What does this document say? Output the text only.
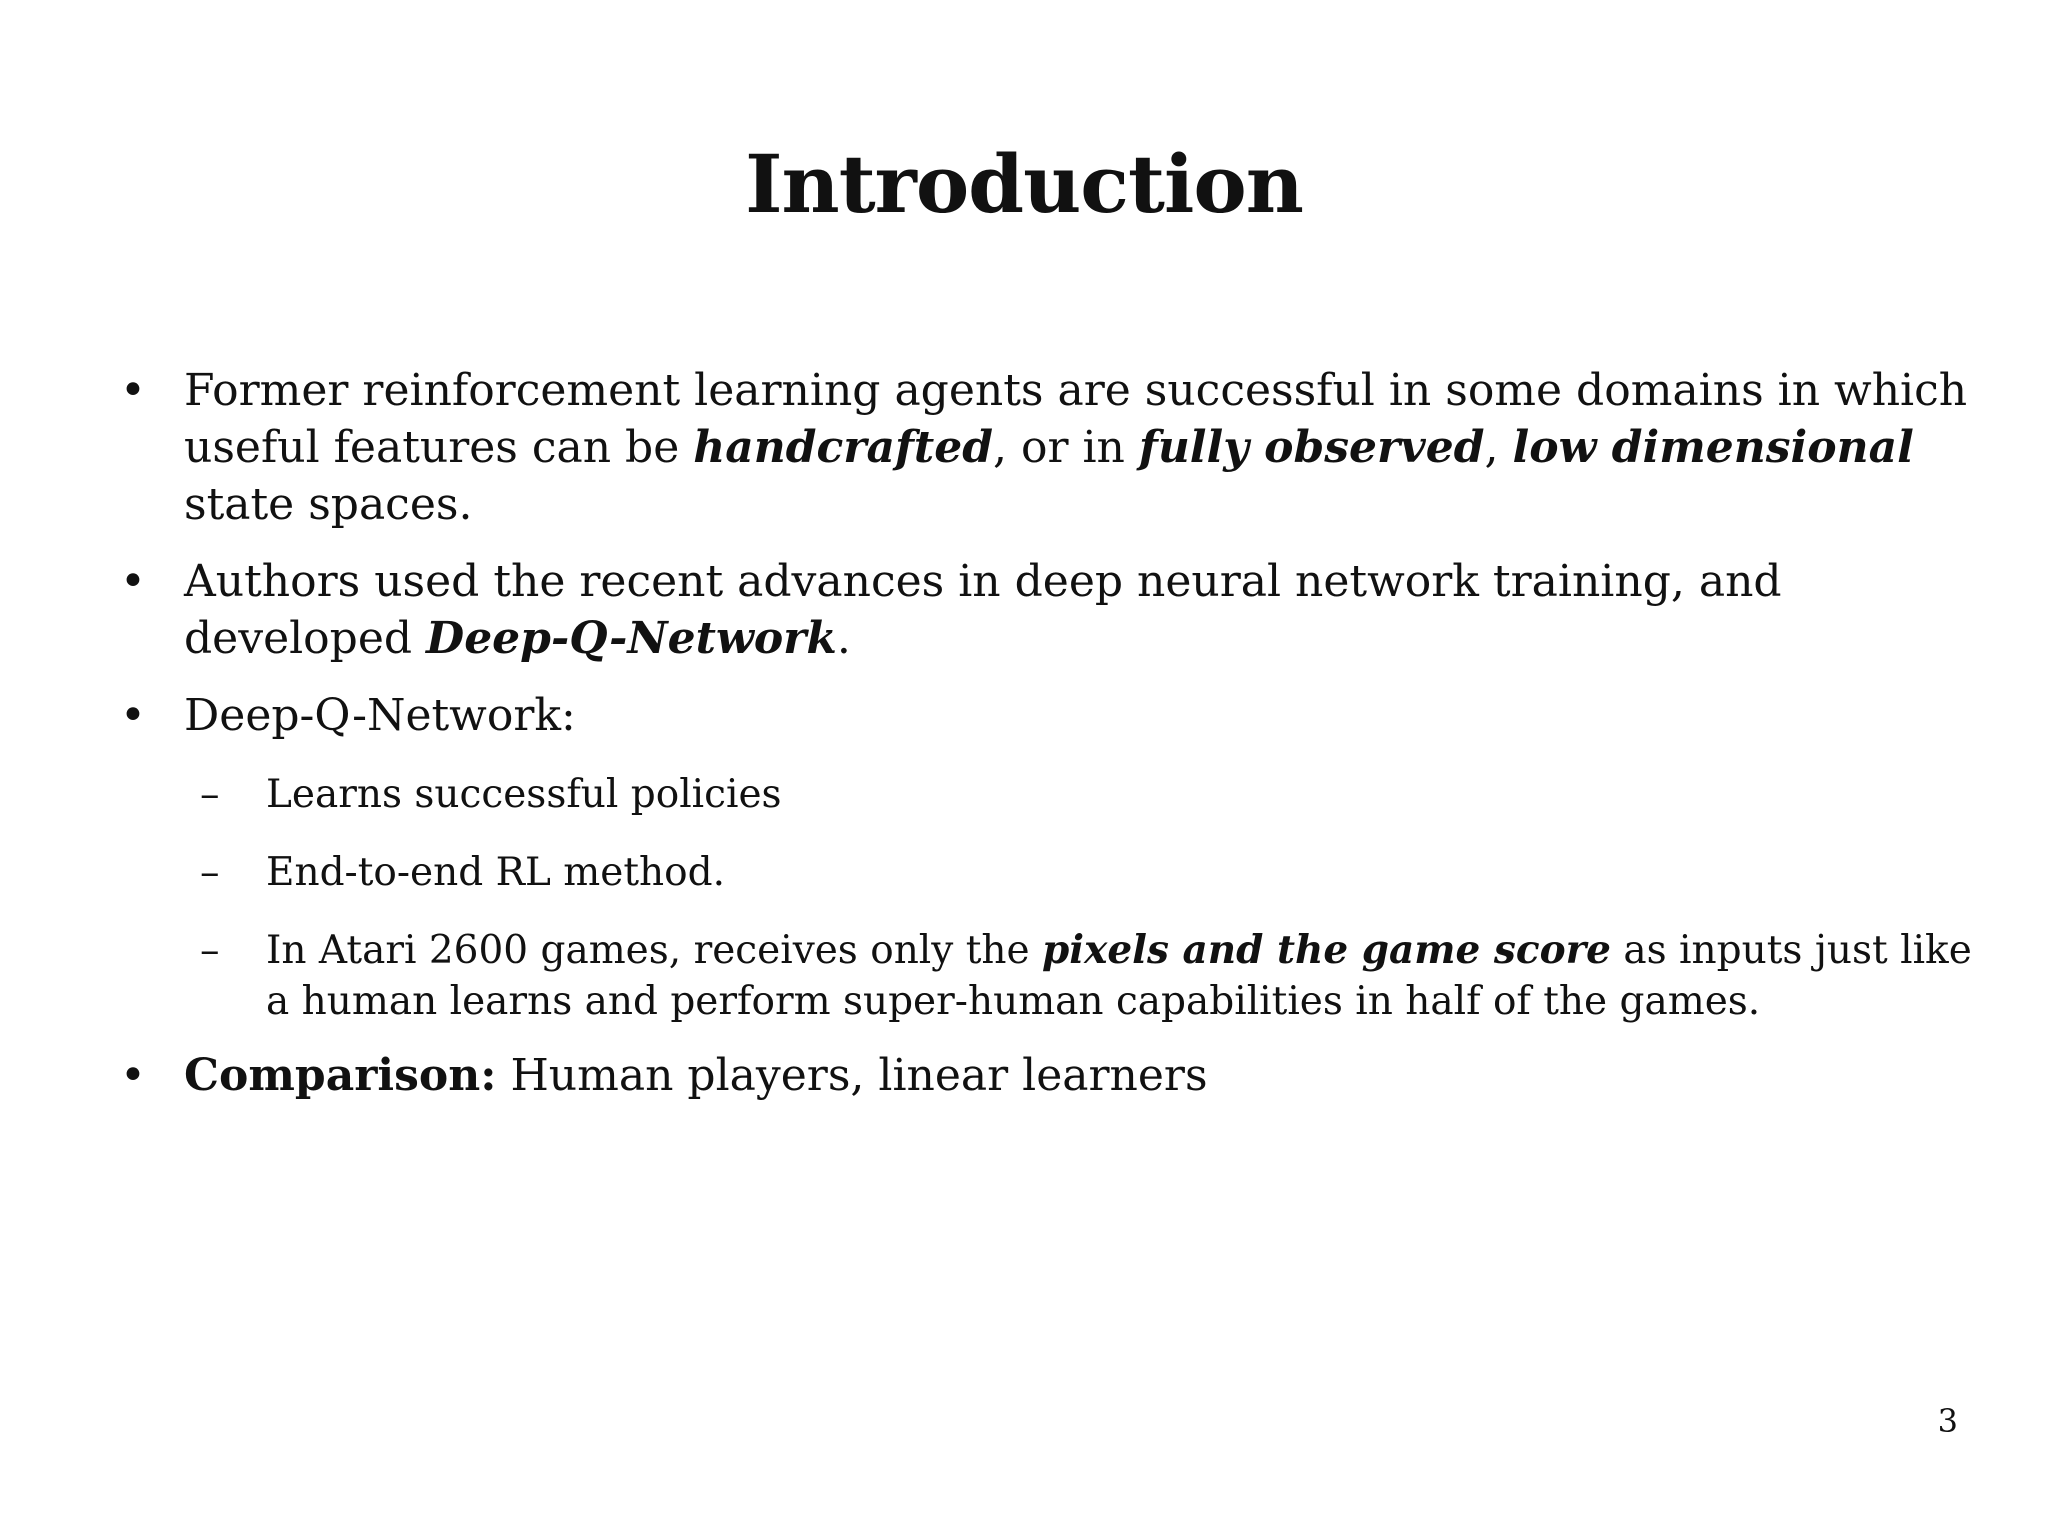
Introduction
• Former reinforcement learning agents are successful in some domains in which useful features can be handcrafted, or in fully observed, low dimensional state spaces.
• Authors used the recent advances in deep neural network training, and developed Deep-Q-Network.
• Deep-Q-Network:
– Learns successful policies
– End-to-end RL method.
– In Atari 2600 games, receives only the pixels and the game score as inputs just like a human learns and perform super-human capabilities in half of the games.
• Comparison: Human players, linear learners
3
